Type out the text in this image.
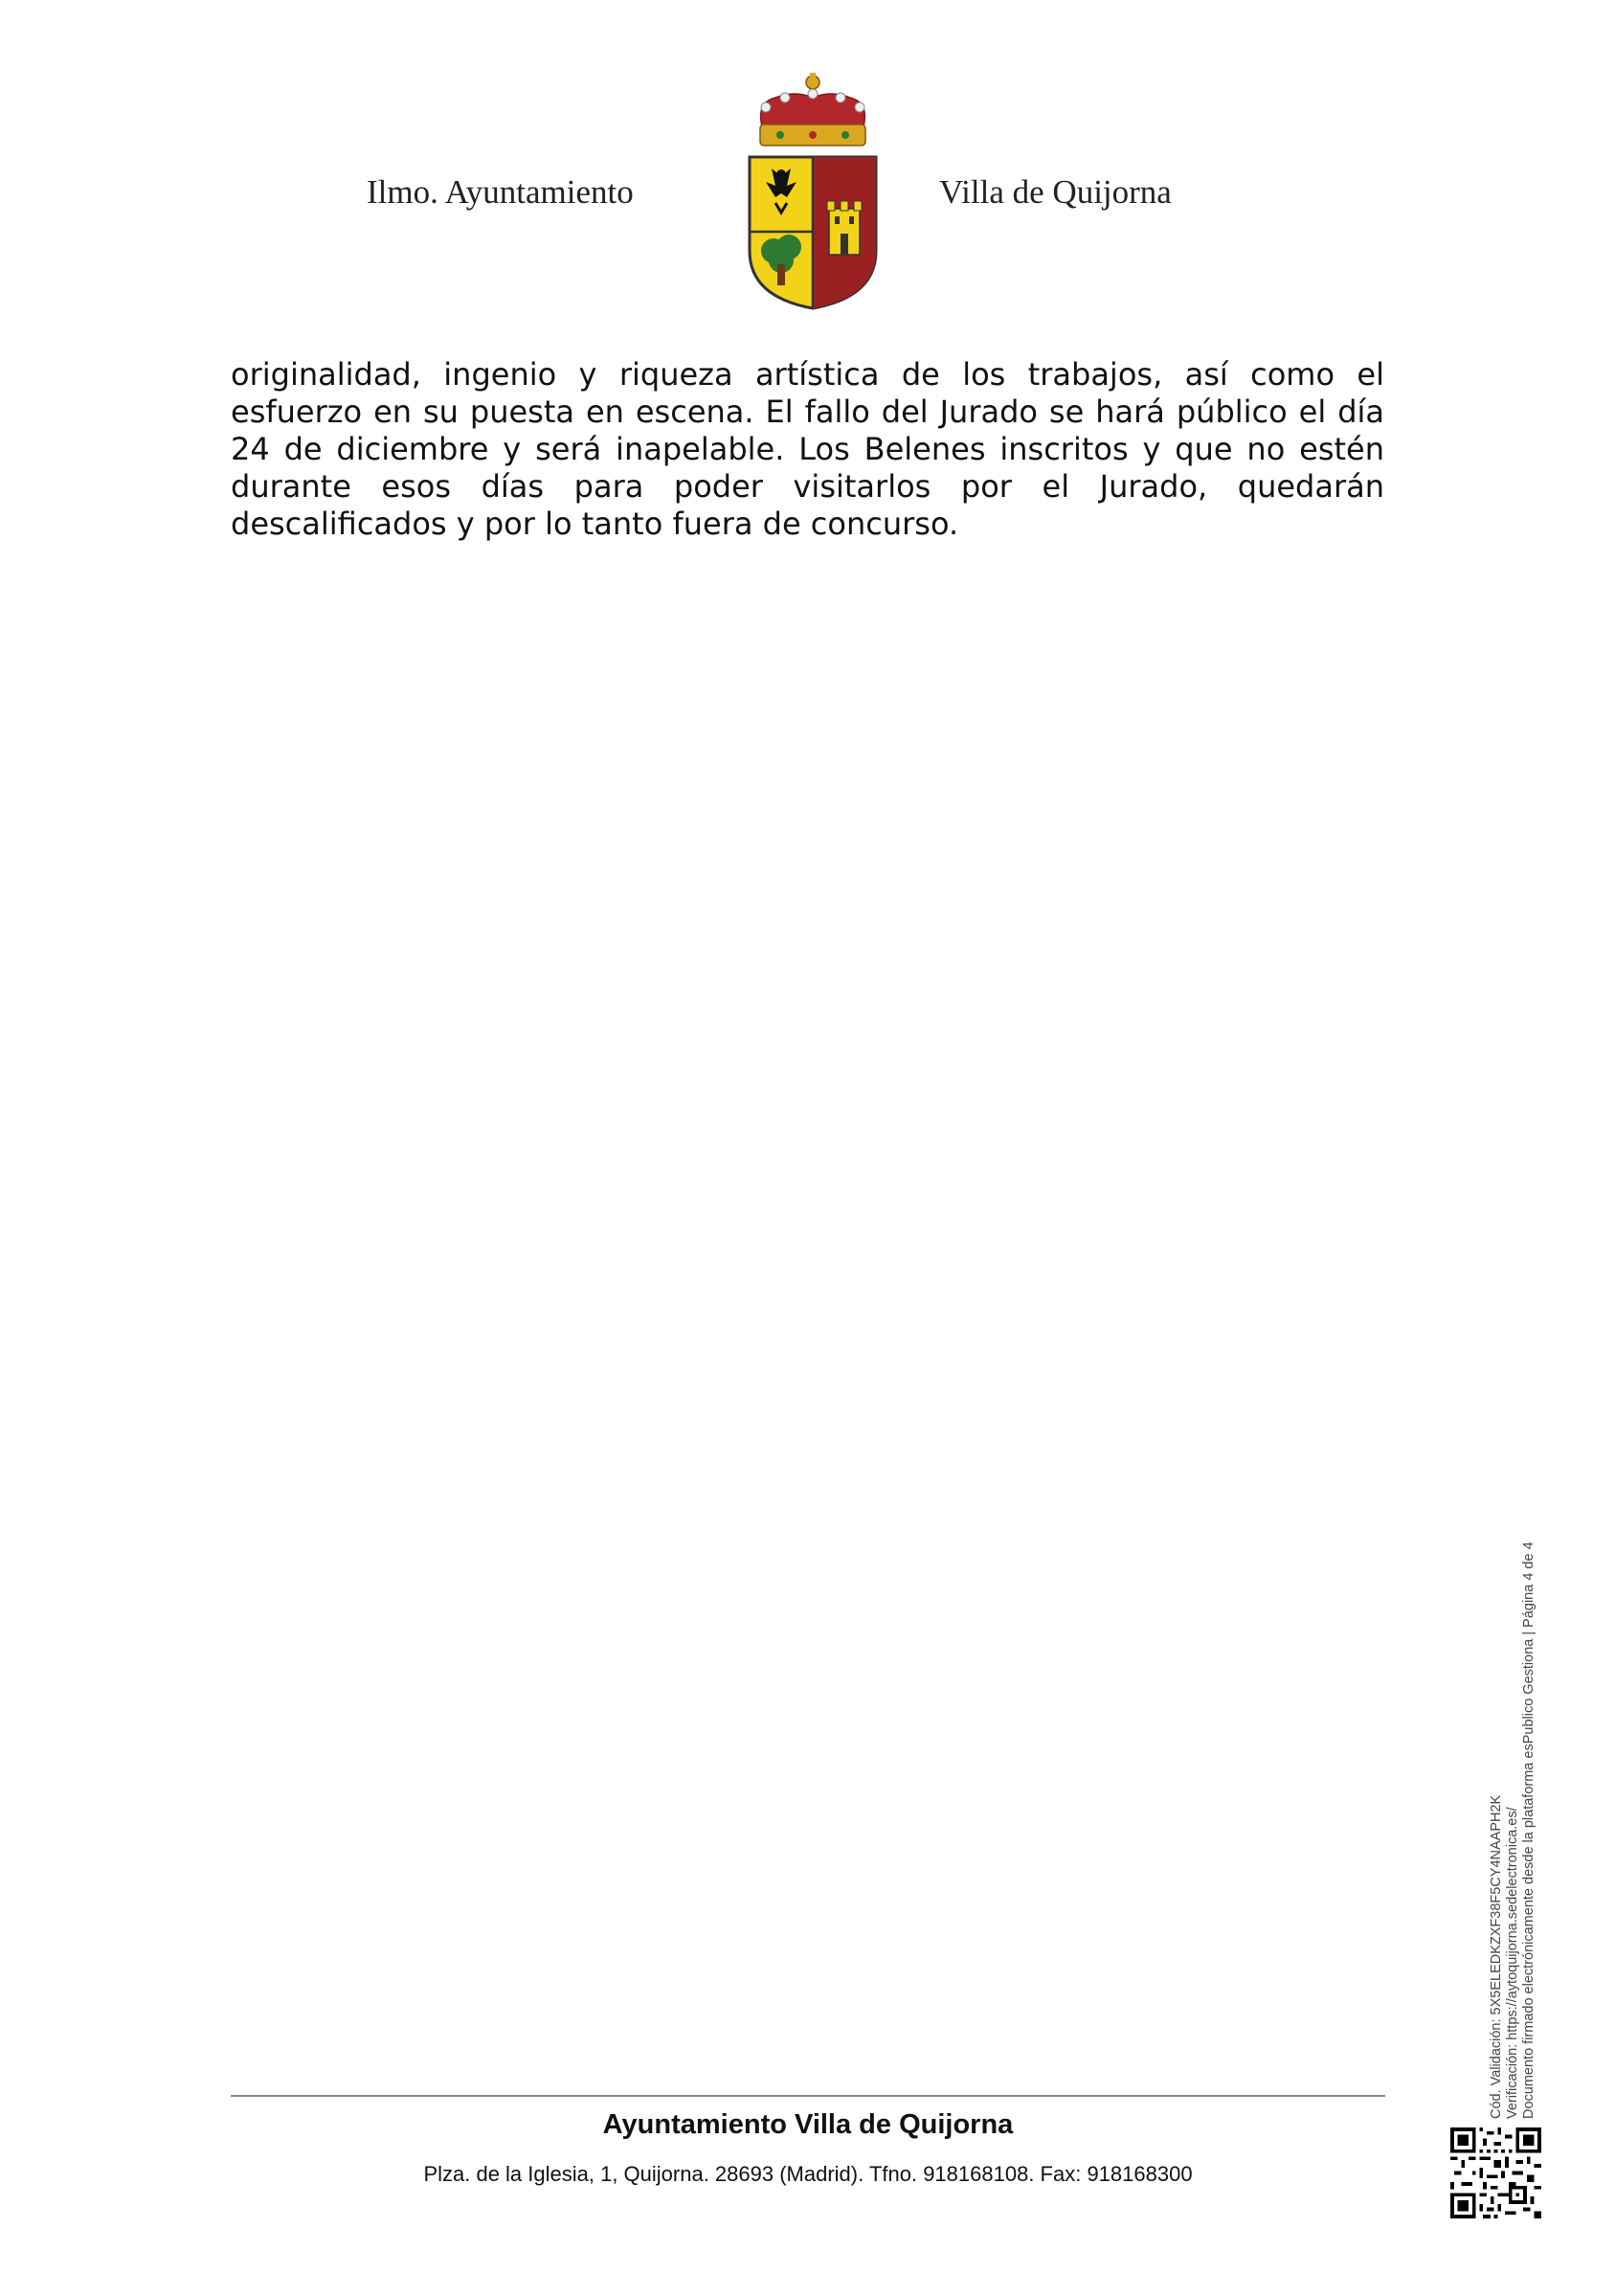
Ilmo. Ayuntamiento	Villa de Quijorna

originalidad, ingenio y riqueza artística de los trabajos, así como el esfuerzo en su puesta en escena. El fallo del Jurado se hará público el día 24 de diciembre y será inapelable. Los Belenes inscritos y que no estén durante esos días para poder visitarlos por el Jurado, quedarán descalificados y por lo tanto fuera de concurso.

Ayuntamiento Villa de Quijorna
Plza. de la Iglesia, 1, Quijorna. 28693 (Madrid). Tfno. 918168108. Fax: 918168300
Cód. Validación: 5X5ELEDKZXF38F5CY4NAAPH2K Verificación: https://aytoquijorna.sedelectronica.es/ Documento firmado electrónicamente desde la plataforma esPublico Gestiona | Página 4 de 4
